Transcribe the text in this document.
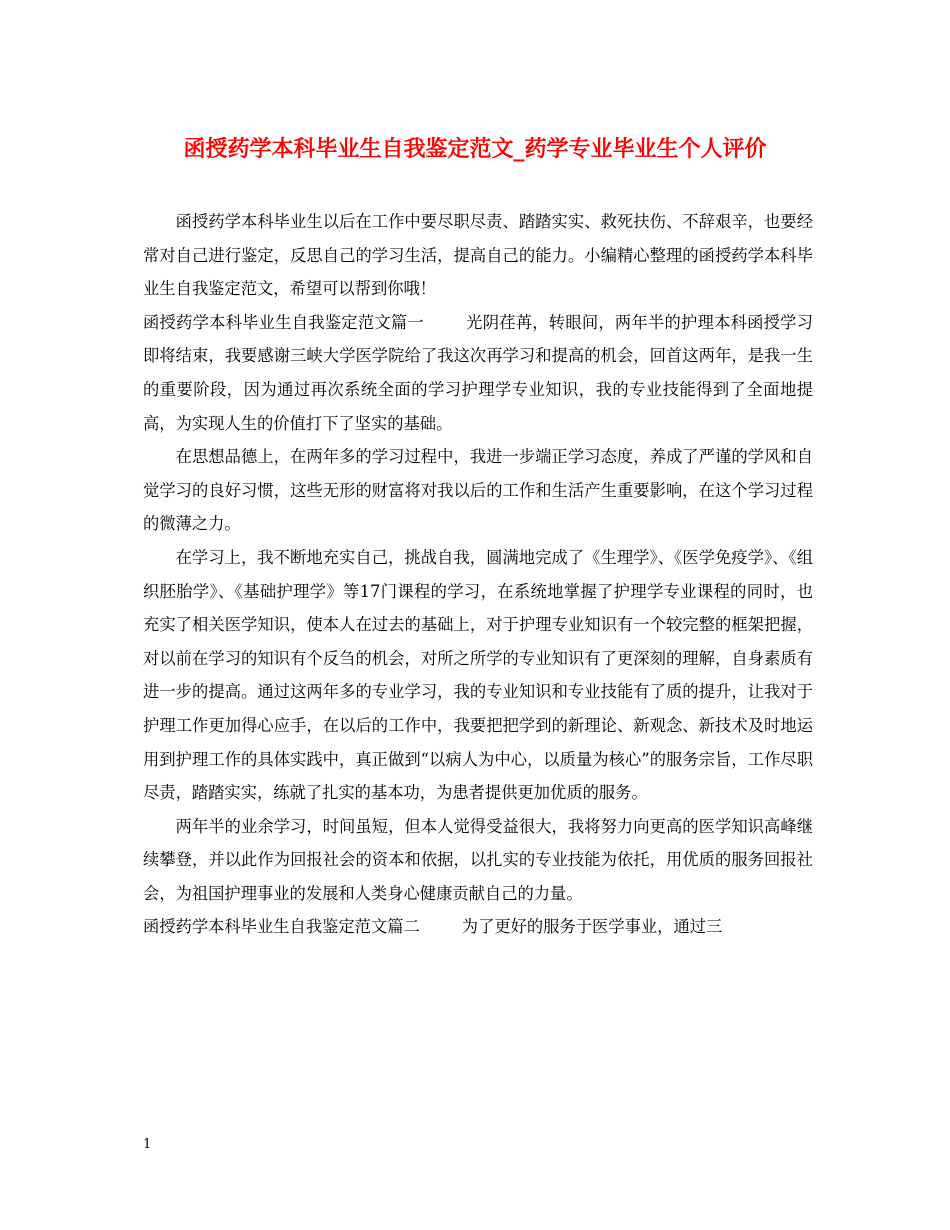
函授药学本科毕业生自我鉴定范文_药学专业毕业生个人评价

函授药学本科毕业生以后在工作中要尽职尽责、踏踏实实、救死扶伤、不辞艰辛，也要经常对自己进行鉴定，反思自己的学习生活，提高自己的能力。小编精心整理的函授药学本科毕业生自我鉴定范文，希望可以帮到你哦！

函授药学本科毕业生自我鉴定范文篇一	光阴荏苒，转眼间，两年半的护理本科函授学习即将结束，我要感谢三峡大学医学院给了我这次再学习和提高的机会，回首这两年，是我一生的重要阶段，因为通过再次系统全面的学习护理学专业知识，我的专业技能得到了全面地提高，为实现人生的价值打下了坚实的基础。

在思想品德上，在两年多的学习过程中，我进一步端正学习态度，养成了严谨的学风和自觉学习的良好习惯，这些无形的财富将对我以后的工作和生活产生重要影响，在这个学习过程的微薄之力。

在学习上，我不断地充实自己，挑战自我，圆满地完成了《生理学》、《医学免疫学》、《组织胚胎学》、《基础护理学》等17门课程的学习，在系统地掌握了护理学专业课程的同时，也充实了相关医学知识，使本人在过去的基础上，对于护理专业知识有一个较完整的框架把握，对以前在学习的知识有个反刍的机会，对所之所学的专业知识有了更深刻的理解，自身素质有进一步的提高。通过这两年多的专业学习，我的专业知识和专业技能有了质的提升，让我对于护理工作更加得心应手，在以后的工作中，我要把把学到的新理论、新观念、新技术及时地运用到护理工作的具体实践中，真正做到“以病人为中心，以质量为核心”的服务宗旨，工作尽职尽责，踏踏实实，练就了扎实的基本功，为患者提供更加优质的服务。

两年半的业余学习，时间虽短，但本人觉得受益很大，我将努力向更高的医学知识高峰继续攀登，并以此作为回报社会的资本和依据，以扎实的专业技能为依托，用优质的服务回报社会，为祖国护理事业的发展和人类身心健康贡献自己的力量。

函授药学本科毕业生自我鉴定范文篇二	为了更好的服务于医学事业，通过三

1
